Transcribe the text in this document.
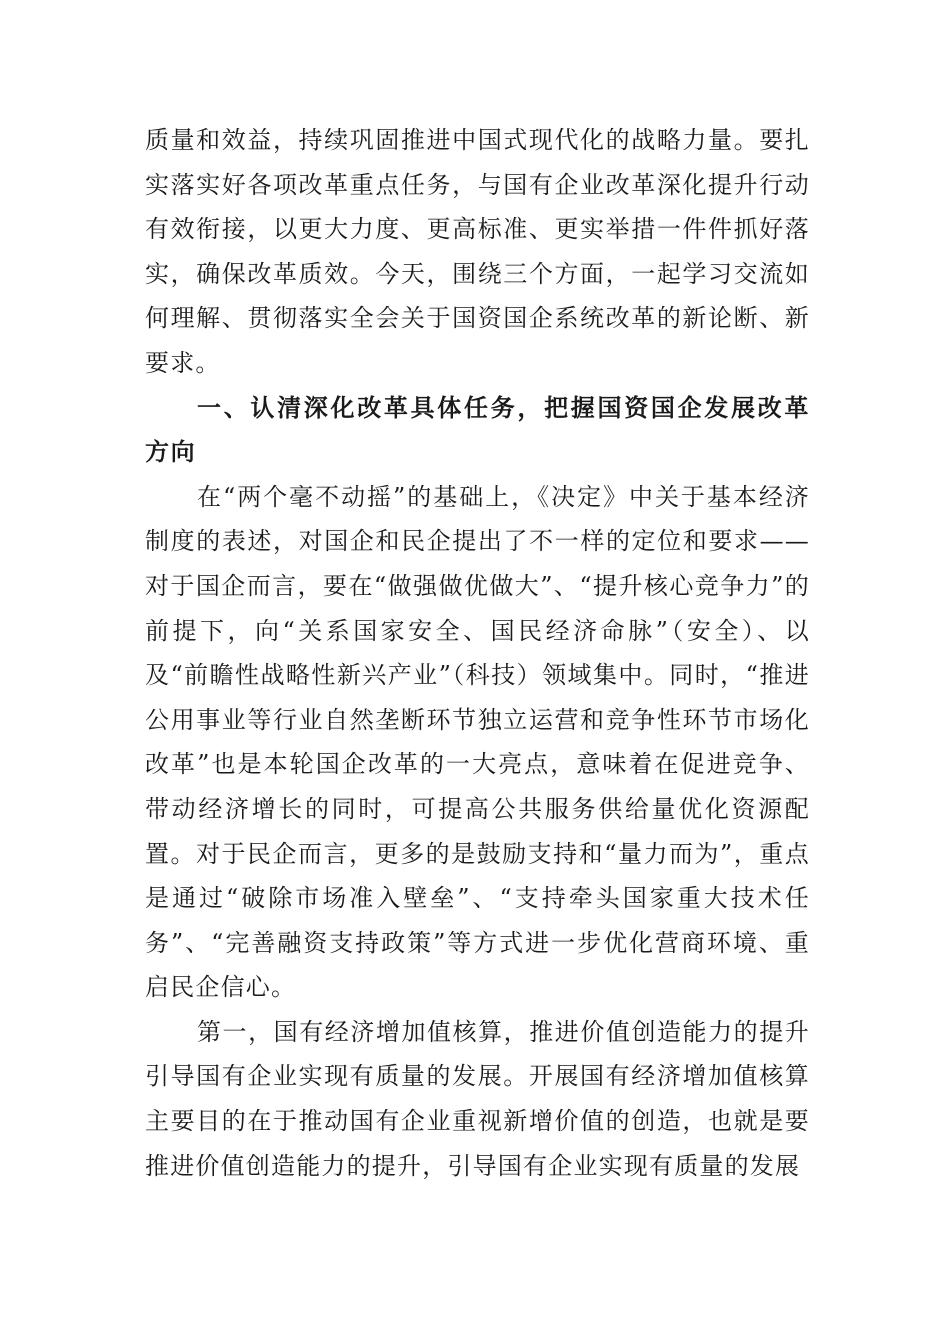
质量和效益，持续巩固推进中国式现代化的战略力量。要扎实落实好各项改革重点任务，与国有企业改革深化提升行动有效衔接，以更大力度、更高标准、更实举措一件件抓好落实，确保改革质效。今天，围绕三个方面，一起学习交流如何理解、贯彻落实全会关于国资国企系统改革的新论断、新要求。

一、认清深化改革具体任务，把握国资国企发展改革方向

在“两个毫不动摇”的基础上，《决定》中关于基本经济制度的表述，对国企和民企提出了不一样的定位和要求——对于国企而言，要在“做强做优做大”、“提升核心竞争力”的前提下，向“关系国家安全、国民经济命脉”（安全）、以及“前瞻性战略性新兴产业”（科技）领域集中。同时，“推进公用事业等行业自然垄断环节独立运营和竞争性环节市场化改革”也是本轮国企改革的一大亮点，意味着在促进竞争、带动经济增长的同时，可提高公共服务供给量优化资源配置。对于民企而言，更多的是鼓励支持和“量力而为”，重点是通过“破除市场准入壁垒”、“支持牵头国家重大技术任务”、“完善融资支持政策”等方式进一步优化营商环境、重启民企信心。

第一，国有经济增加值核算，推进价值创造能力的提升引导国有企业实现有质量的发展。开展国有经济增加值核算主要目的在于推动国有企业重视新增价值的创造，也就是要推进价值创造能力的提升，引导国有企业实现有质量的发展
